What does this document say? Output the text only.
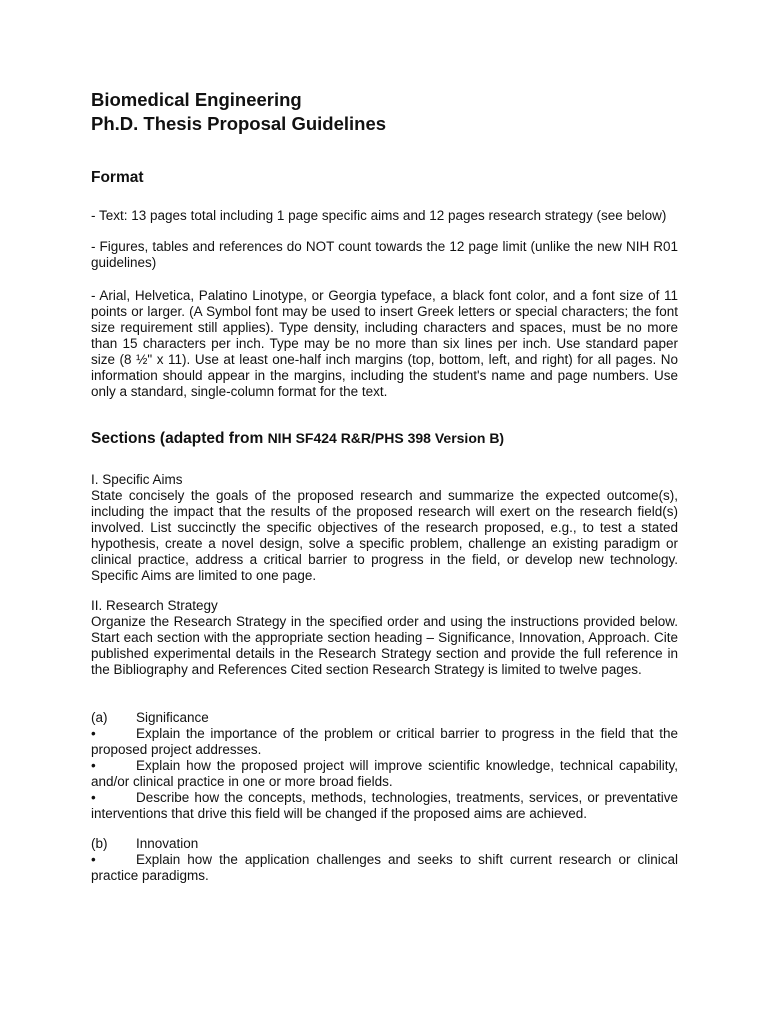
Biomedical Engineering
Ph.D. Thesis Proposal Guidelines
Format

- Text: 13 pages total including 1 page specific aims and 12 pages research strategy (see below)

- Figures, tables and references do NOT count towards the 12 page limit (unlike the new NIH R01 guidelines)

- Arial, Helvetica, Palatino Linotype, or Georgia typeface, a black font color, and a font size of 11 points or larger. (A Symbol font may be used to insert Greek letters or special characters; the font size requirement still applies). Type density, including characters and spaces, must be no more than 15 characters per inch. Type may be no more than six lines per inch. Use standard paper size (8 ½" x 11). Use at least one-half inch margins (top, bottom, left, and right) for all pages. No information should appear in the margins, including the student's name and page numbers. Use only a standard, single-column format for the text.

Sections (adapted from NIH SF424 R&R/PHS 398 Version B)
I. Specific Aims
State concisely the goals of the proposed research and summarize the expected outcome(s), including the impact that the results of the proposed research will exert on the research field(s) involved. List succinctly the specific objectives of the research proposed, e.g., to test a stated hypothesis, create a novel design, solve a specific problem, challenge an existing paradigm or clinical practice, address a critical barrier to progress in the field, or develop new technology. Specific Aims are limited to one page.
II. Research Strategy
Organize the Research Strategy in the specified order and using the instructions provided below. Start each section with the appropriate section heading – Significance, Innovation, Approach. Cite published experimental details in the Research Strategy section and provide the full reference in the Bibliography and References Cited section Research Strategy is limited to twelve pages.
(a) Significance
•	Explain the importance of the problem or critical barrier to progress in the field that the proposed project addresses.
•	Explain how the proposed project will improve scientific knowledge, technical capability, and/or clinical practice in one or more broad fields.
•	Describe how the concepts, methods, technologies, treatments, services, or preventative interventions that drive this field will be changed if the proposed aims are achieved.
(b) Innovation
•	Explain how the application challenges and seeks to shift current research or clinical practice paradigms.
